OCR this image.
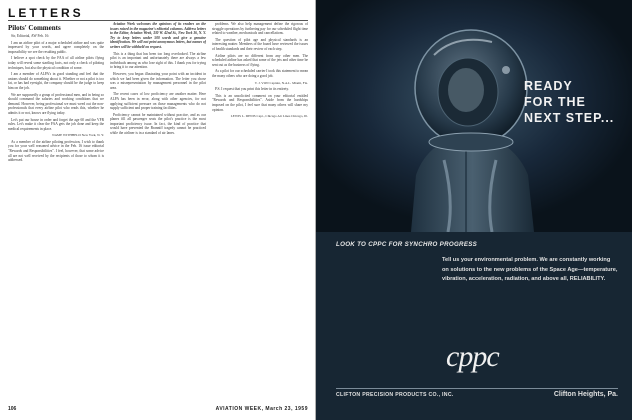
LETTERS
Pilots' Comments

Sir, Editorial, AW Feb. 16:

I am an airline pilot of a major scheduled airline and was quite impressed by your words, and agree completely on the impossibility we see the resulting public.

I believe a spot check by the FAA of all airline pilots flying today will reveal some startling facts, not only a check of piloting techniques, but also the physical condition of some.

I am a member of ALPA's in good standing and feel that the unions should do something about it. Whether or not a pilot is too fat, or has bad eyesight, the company should be the judge to keep him on the job.

We are supposedly a group of professional men, and in being so should command the salaries and working conditions that we demand. However, being professional we must weed out the non-professionals that every airline pilot who reads this, whether he admits it or not, knows are flying today.

Let's put our house in order and forget the age 60 and the VFR rules. Let's make it clear the FAA gets the job done and keep the medical requirements in place.

NAME WITHHELD New York, N. Y.

As a member of the airline piloting profession, I wish to thank you for your well reasoned advice in the Feb. 16 issue editorial "Rewards and Responsibilities". I feel, however, that some advice all are not well received by the recipients of those to whom it is addressed.

Aviation Week welcomes the opinions of its readers on the issues raised in the magazine's editorial columns. Address letters to the Editor, Aviation Week, 330 W. 42nd St., New York 36, N. Y. Try to keep letters under 500 words and give a genuine identification. We will not print anonymous letters, but names of writers will be withheld on request.

This is a thing that has been too long overlooked. The airline pilot is an important and unfortunately there are always a few individuals among us who lose sight of this. I thank you for trying to bring it to our attention.

However, you began illustrating your point with an incident in which we had been given the information. The letter you chose was a misrepresentation by management personnel in the pilot area.

The recent cases of low proficiency are another matter. Here ALPA has been in error, along with other agencies, for not applying sufficient pressure on those managements who do not supply sufficient and proper training facilities.

Proficiency cannot be maintained without practice, and as our planes fill all passenger seats the pilot's practice is the most important proficiency issue. In fact, the kind of practice that would have prevented the Branniff tragedy cannot be practiced while the airliner is in a standard of air lanes.

problems. We also help management define the rigorous of struggle operations by furthering pay for our scheduled flight time related to weather, mechanicals and cancellations.

The question of pilot age and physical standards is an interesting matter. Members of the board have reviewed the issues of health standards and their review of each step.

Airline pilots are no different from any other men. The scheduled airline has asked that some of the jets and other time be sent out as the business of flying.

As a pilot for our scheduled carrier I took this statement to mean the many others who are doing a good job.

T. J. VON Captain, N.A.L. Miami, Fla.

P.S. I request that you print this letter in its entirety.

This is an unsolicited comment on your editorial entitled "Rewards and Responsibilities". Aside from the hardships imposed on the pilot, I feel sure that many others will share my opinion.

LEWIS L. DENIS Capt., Chicago Air Lines Chicago, Ill.

106	AVIATION WEEK, March 23, 1959
READY
FOR THE
NEXT STEP...
LOOK TO CPPC FOR SYNCHRO PROGRESS
Tell us your environmental problem. We are constantly working on solutions to the new problems of the Space Age—temperature, vibration, acceleration, radiation, and above all, RELIABILITY.
cppc
CLIFTON PRECISION PRODUCTS CO., INC.	Clifton Heights, Pa.
